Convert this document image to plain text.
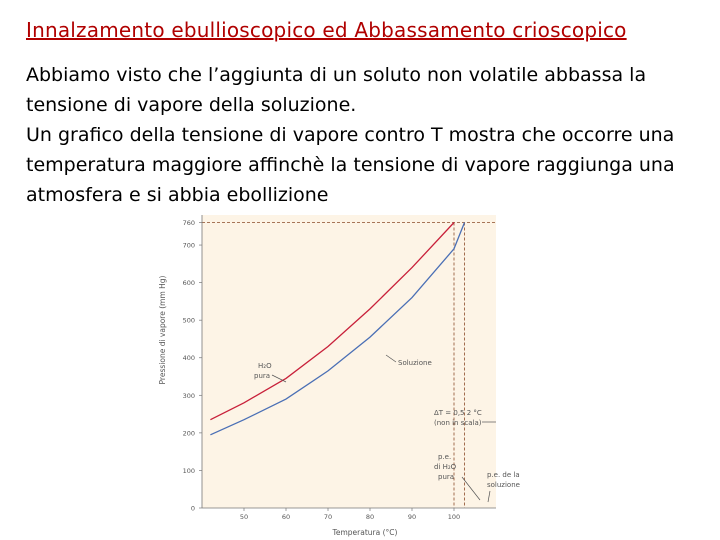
Innalzamento ebullioscopico ed Abbassamento crioscopico

Abbiamo visto che l’aggiunta di un soluto non volatile abbassa la tensione di vapore della soluzione.

Un grafico della tensione di vapore contro T mostra che occorre una temperatura maggiore affinchè la tensione di vapore raggiunga una atmosfera e si abbia ebollizione

0
100
200
300
400
500
600
700
760
50	60	70	80	90	100
H₂O
pura
Soluzione
ΔT = 0,5 2 °C
(non in scala)
p.e.
di H₂O
pura	p.e. de la
soluzione
Temperatura (°C)
Pressione di vapore (mm Hg)
